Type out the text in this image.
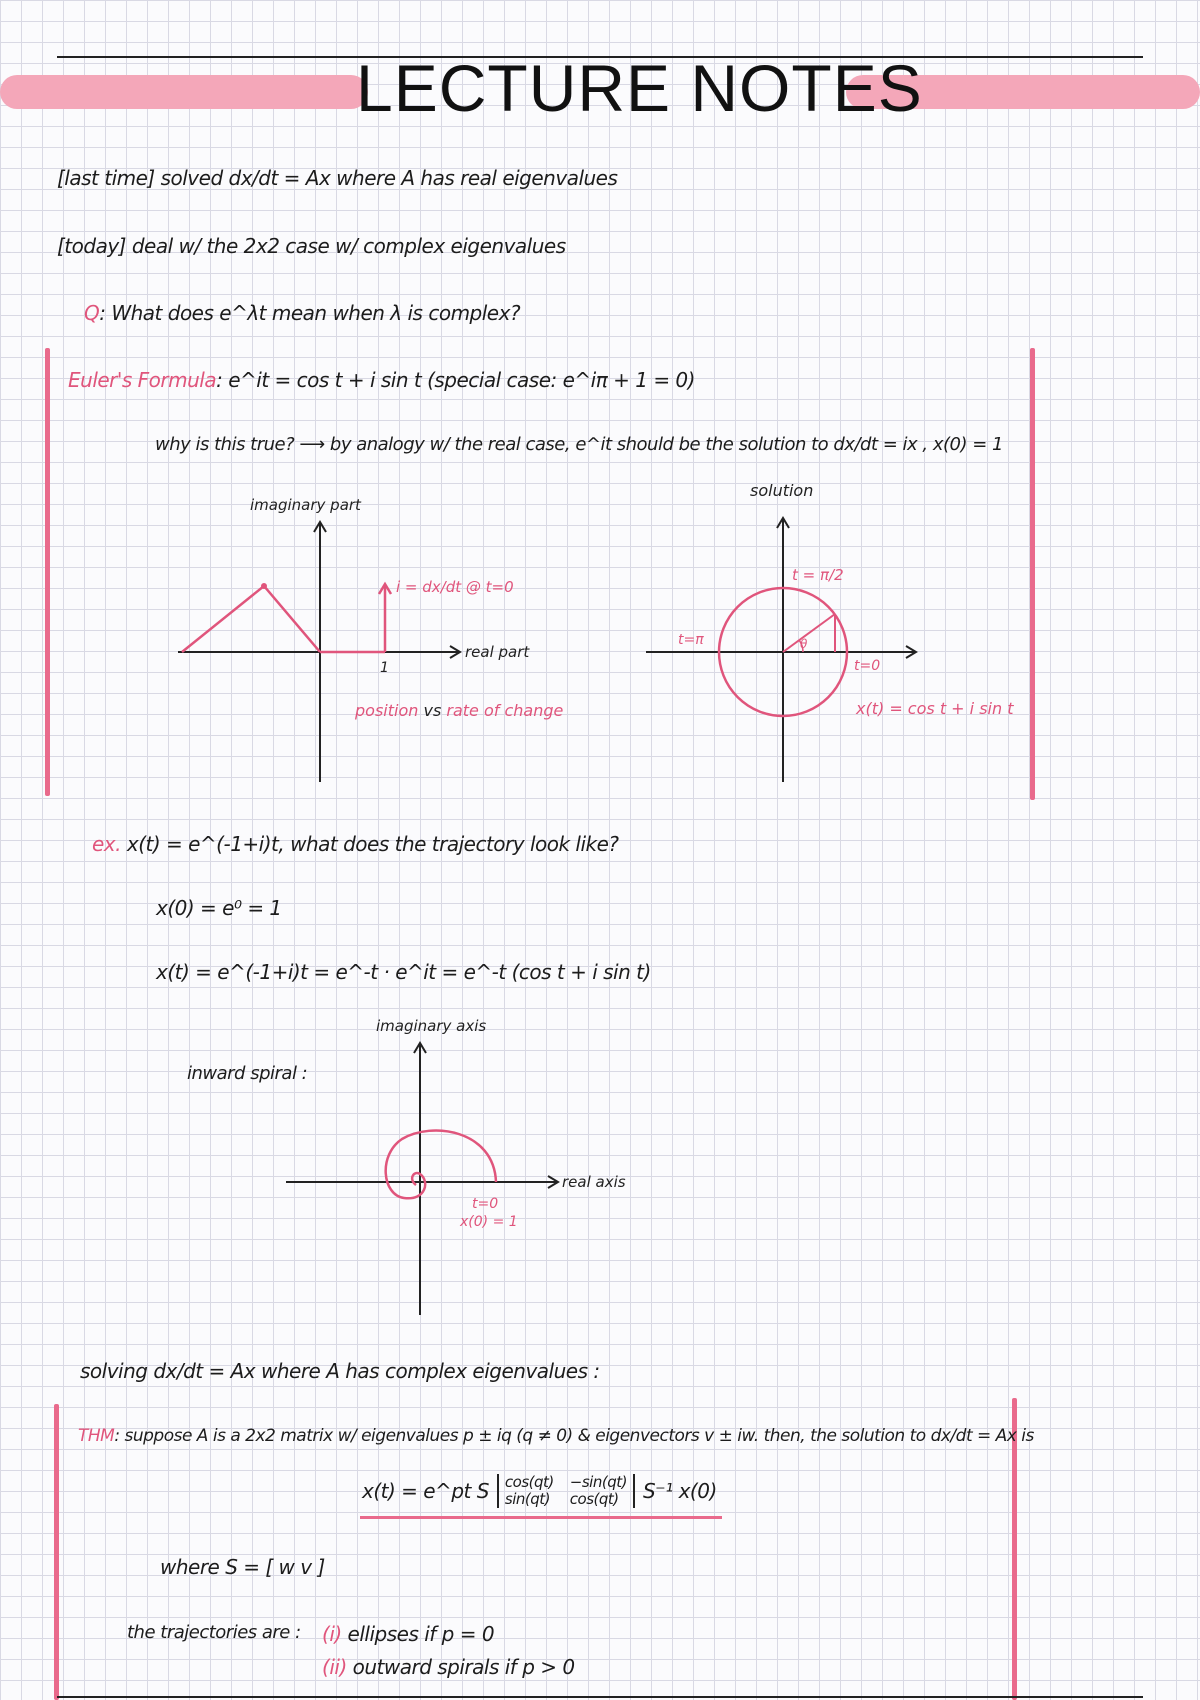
LECTURE NOTES
[last time] solved dx/dt = Ax where A has real eigenvalues
[today] deal w/ the 2x2 case w/ complex eigenvalues
Q: What does e^λt mean when λ is complex?
Euler's Formula: e^it = cos t + i sin t (special case: e^iπ + 1 = 0)
why is this true? ⟶ by analogy w/ the real case, e^it should be the solution to dx/dt = ix , x(0) = 1
imaginary part
real part
i = dx/dt @ t=0
1
position vs rate of change
solution
t = π/2
t=π
t=0
θ
x(t) = cos t + i sin t
ex. x(t) = e^(-1+i)t, what does the trajectory look like?
x(0) = e⁰ = 1
x(t) = e^(-1+i)t = e^-t · e^it = e^-t (cos t + i sin t)
inward spiral :
imaginary axis
real axis
t=0
x(0) = 1
solving dx/dt = Ax where A has complex eigenvalues :
THM: suppose A is a 2x2 matrix w/ eigenvalues p ± iq (q ≠ 0) & eigenvectors v ± iw. then, the solution to dx/dt = Ax is
x(t) = e^pt S cos(qt) −sin(qt)
sin(qt) cos(qt)	S⁻¹ x(0)
where S = [ w v ]
the trajectories are : (i) ellipses if p = 0
(ii) outward spirals if p > 0
